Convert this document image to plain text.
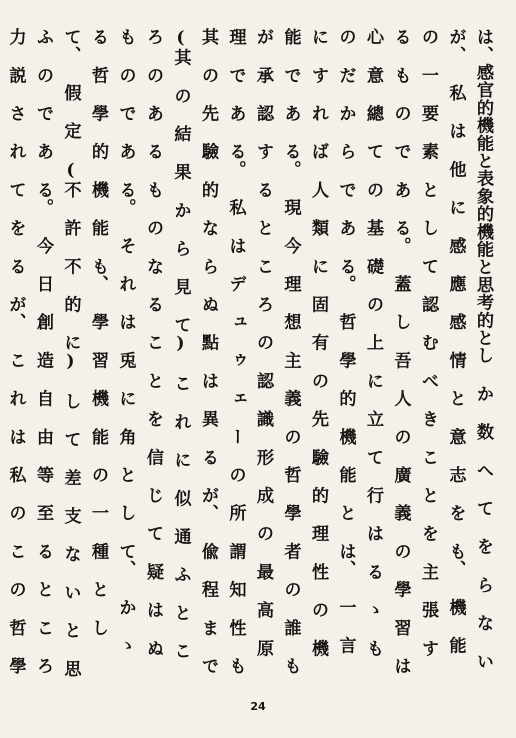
は、感官的機能と表象的機能と思考的とし か 数 へ て を ら な い が、 私 は 他 に 感 應 感 情 と 意 志 を も、 機 能 の 一 要 素 と し て 認 む べ き こ と を 主 張 す る も の で あ る。 蓋 し 吾 人 の 廣 義 の 學 習 は 心 意 總 て の 基 礎 の 上 に 立 て 行 は る ゝ も の だ か ら で あ る。 哲 學 的 機 能 と は、 一 言 に す れ ば 人 類 に 固 有 の 先 驗 的 理 性 の 機 能 で あ る。 現 今 理 想 主 義 の 哲 學 者 の 誰 も が 承 認 す る と こ ろ の 認 識 形 成 の 最 高 原 理 で あ る。 私 は デ ュ ゥ ェ ー の 所 謂 知 性 も 其 の 先 驗 的 な ら ぬ 點 は 異 る が、 偸 程 ま で (其 の 結 果 か ら 見 て) こ れ に 似 通 ふ と こ ろ の あ る も の な る こ と を 信 じ て 疑 は ぬ も の で あ る。 そ れ は 兎 に 角 と し て、 か ゝ る 哲 學 的 機 能 も、 學 習 機 能 の 一 種 と し て、 假 定 (不 許 不 的 に) し て 差 支 な い と 思 ふ の で あ る。 今 日 創 造 自 由 等 至 る と こ ろ 力 説 さ れ て を る が、 こ れ は 私 の こ の 哲 學

24
